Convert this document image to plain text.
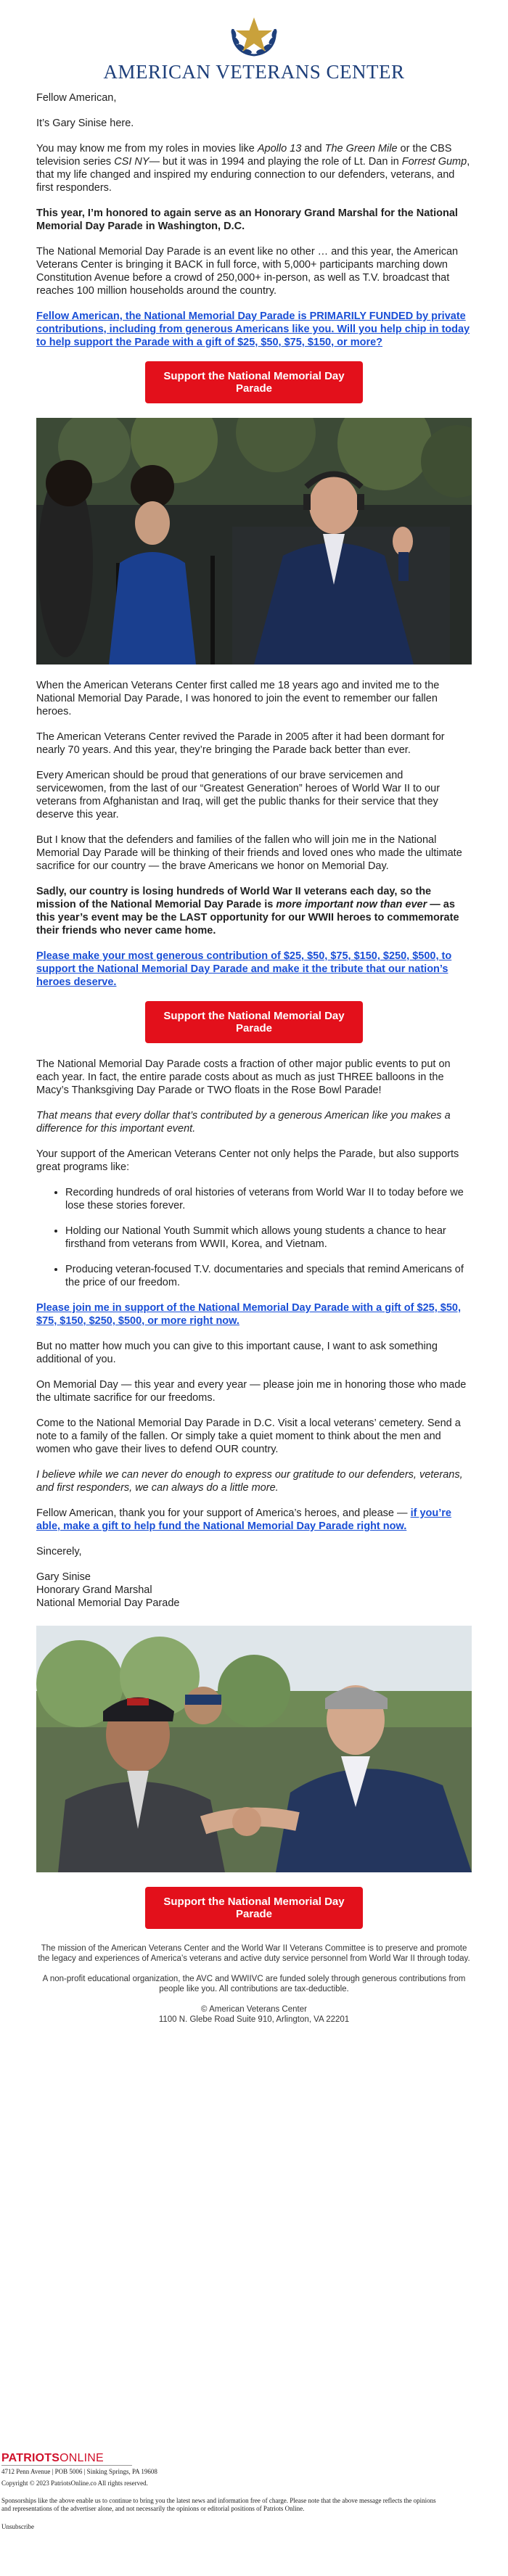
AMERICAN VETERANS CENTER

Fellow American,

It’s Gary Sinise here.

You may know me from my roles in movies like Apollo 13 and The Green Mile or the CBS television series CSI NY— but it was in 1994 and playing the role of Lt. Dan in Forrest Gump, that my life changed and inspired my enduring connection to our defenders, veterans, and first responders.

This year, I’m honored to again serve as an Honorary Grand Marshal for the National Memorial Day Parade in Washington, D.C.

The National Memorial Day Parade is an event like no other … and this year, the American Veterans Center is bringing it BACK in full force, with 5,000+ participants marching down Constitution Avenue before a crowd of 250,000+ in-person, as well as T.V. broadcast that reaches 100 million households around the country.

Fellow American, the National Memorial Day Parade is PRIMARILY FUNDED by private contributions, including from generous Americans like you. Will you help chip in today to help support the Parade with a gift of $25, $50, $75, $150, or more?

Support the National Memorial Day Parade

When the American Veterans Center first called me 18 years ago and invited me to the National Memorial Day Parade, I was honored to join the event to remember our fallen heroes.

The American Veterans Center revived the Parade in 2005 after it had been dormant for nearly 70 years. And this year, they’re bringing the Parade back better than ever.

Every American should be proud that generations of our brave servicemen and servicewomen, from the last of our “Greatest Generation” heroes of World War II to our veterans from Afghanistan and Iraq, will get the public thanks for their service that they deserve this year.

But I know that the defenders and families of the fallen who will join me in the National Memorial Day Parade will be thinking of their friends and loved ones who made the ultimate sacrifice for our country — the brave Americans we honor on Memorial Day.

Sadly, our country is losing hundreds of World War II veterans each day, so the mission of the National Memorial Day Parade is more important now than ever — as this year’s event may be the LAST opportunity for our WWII heroes to commemorate their friends who never came home.

Please make your most generous contribution of $25, $50, $75, $150, $250, $500, to support the National Memorial Day Parade and make it the tribute that our nation’s heroes deserve.

Support the National Memorial Day Parade

The National Memorial Day Parade costs a fraction of other major public events to put on each year. In fact, the entire parade costs about as much as just THREE balloons in the Macy’s Thanksgiving Day Parade or TWO floats in the Rose Bowl Parade!

That means that every dollar that’s contributed by a generous American like you makes a difference for this important event.

Your support of the American Veterans Center not only helps the Parade, but also supports great programs like:

• Recording hundreds of oral histories of veterans from World War II to today before we lose these stories forever.
• Holding our National Youth Summit which allows young students a chance to hear firsthand from veterans from WWII, Korea, and Vietnam.
• Producing veteran-focused T.V. documentaries and specials that remind Americans of the price of our freedom.

Please join me in support of the National Memorial Day Parade with a gift of $25, $50, $75, $150, $250, $500, or more right now.

But no matter how much you can give to this important cause, I want to ask something additional of you.

On Memorial Day — this year and every year — please join me in honoring those who made the ultimate sacrifice for our freedoms.

Come to the National Memorial Day Parade in D.C. Visit a local veterans’ cemetery. Send a note to a family of the fallen. Or simply take a quiet moment to think about the men and women who gave their lives to defend OUR country.

I believe while we can never do enough to express our gratitude to our defenders, veterans, and first responders, we can always do a little more.

Fellow American, thank you for your support of America’s heroes, and please — if you’re able, make a gift to help fund the National Memorial Day Parade right now.

Sincerely,

Gary Sinise

Honorary Grand Marshal

National Memorial Day Parade

Support the National Memorial Day Parade

The mission of the American Veterans Center and the World War II Veterans Committee is to preserve and promote the legacy and experiences of America’s veterans and active duty service personnel from World War II through today.

A non-profit educational organization, the AVC and WWIIVC are funded solely through generous contributions from people like you. All contributions are tax-deductible.

© American Veterans Center
1100 N. Glebe Road Suite 910, Arlington, VA 22201
PATRIOTSONLINE
4712 Penn Avenue | POB 5006 | Sinking Springs, PA 19608
Copyright © 2023 PatriotsOnline.co All rights reserved.
Sponsorships like the above enable us to continue to bring you the latest news and information free of charge. Please note that the above message reflects the opinions and representations of the advertiser alone, and not necessarily the opinions or editorial positions of Patriots Online.
Unsubscribe
